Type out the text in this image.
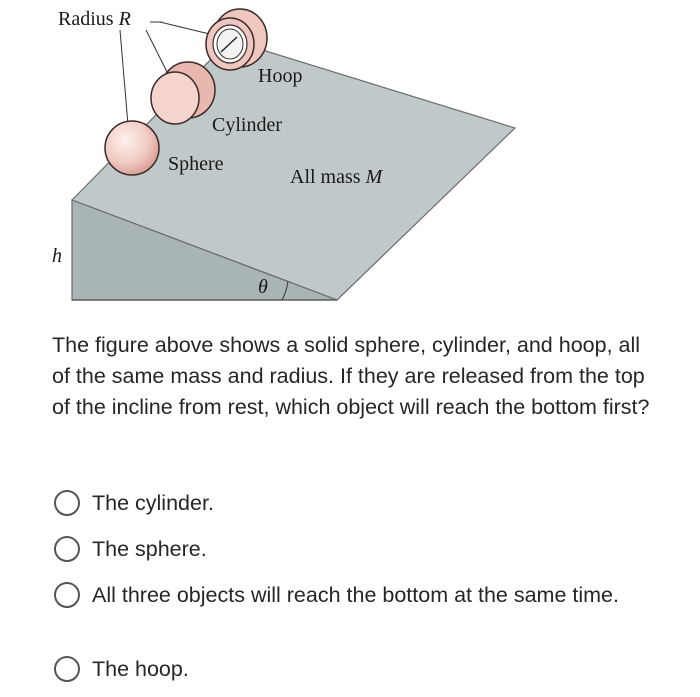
Radius R
Hoop
Cylinder
Sphere
All mass M
h
θ

The figure above shows a solid sphere, cylinder, and hoop, all of the same mass and radius. If they are released from the top of the incline from rest, which object will reach the bottom first?

The cylinder.
The sphere.
All three objects will reach the bottom at the same time.
The hoop.
